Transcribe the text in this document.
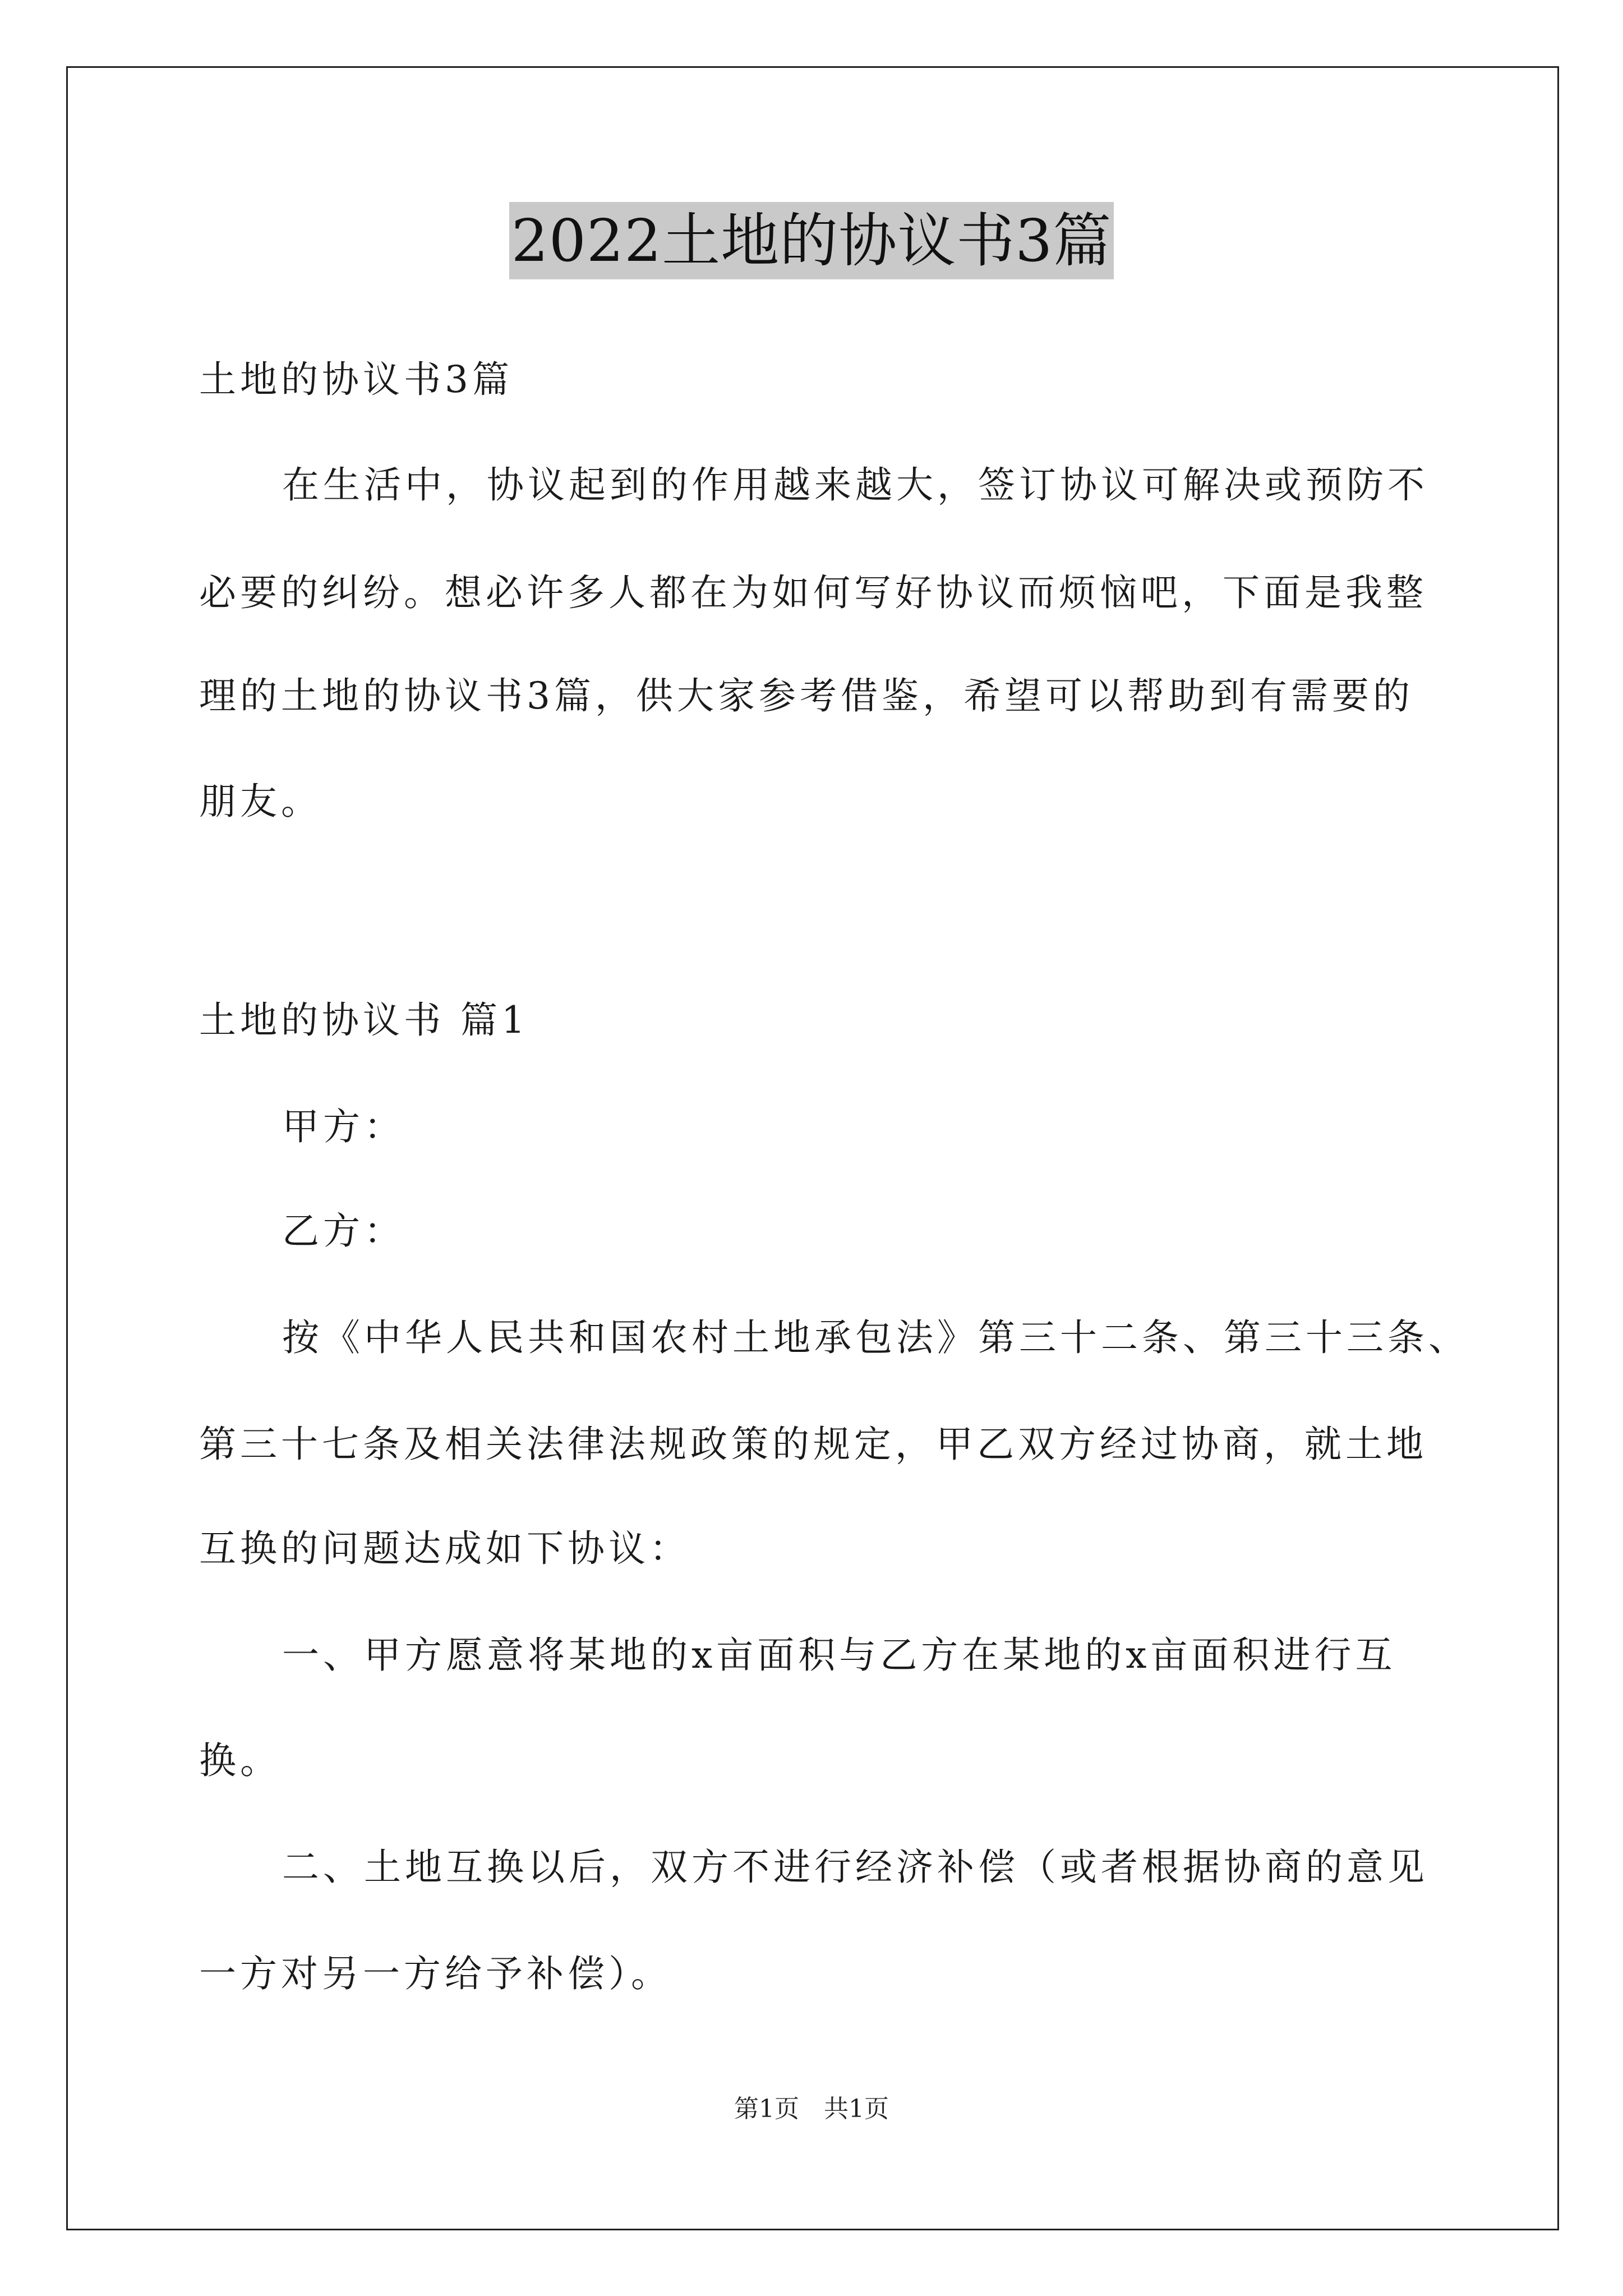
2022土地的协议书3篇
土地的协议书3篇
在生活中，协议起到的作用越来越大，签订协议可解决或预防不
必要的纠纷。想必许多人都在为如何写好协议而烦恼吧，下面是我整
理的土地的协议书3篇，供大家参考借鉴，希望可以帮助到有需要的
朋友。
土地的协议书 篇1
甲方：
乙方：
按《中华人民共和国农村土地承包法》第三十二条、第三十三条、
第三十七条及相关法律法规政策的规定，甲乙双方经过协商，就土地
互换的问题达成如下协议：
一、甲方愿意将某地的x亩面积与乙方在某地的x亩面积进行互
换。
二、土地互换以后，双方不进行经济补偿（或者根据协商的意见
一方对另一方给予补偿）。
第1页　共1页
